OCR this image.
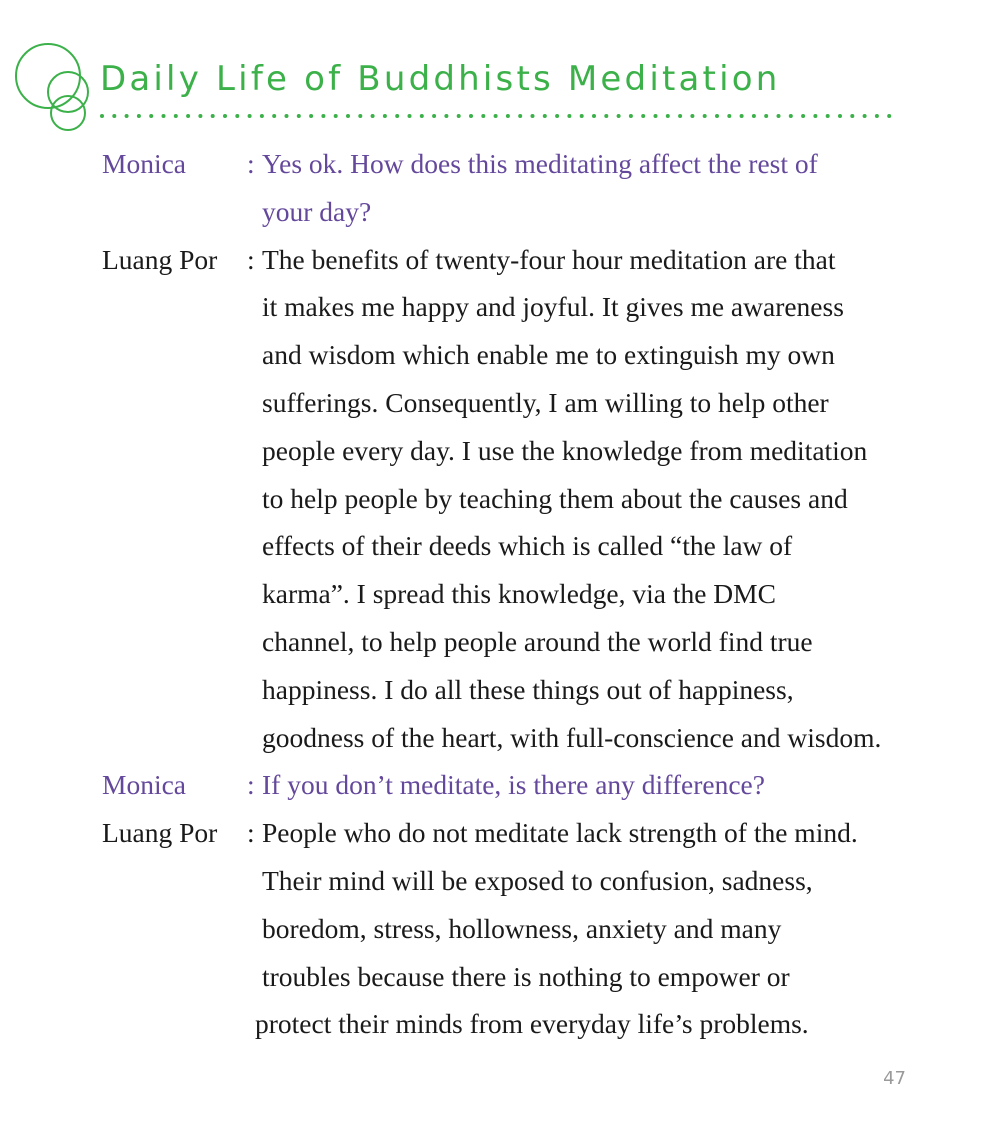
Daily Life of Buddhists Meditation
Monica : Yes ok. How does this meditating affect the rest of
your day?
Luang Por : The benefits of twenty-four hour meditation are that
it makes me happy and joyful. It gives me awareness
and wisdom which enable me to extinguish my own
sufferings. Consequently, I am willing to help other
people every day. I use the knowledge from meditation
to help people by teaching them about the causes and
effects of their deeds which is called “the law of
karma”. I spread this knowledge, via the DMC
channel, to help people around the world find true
happiness. I do all these things out of happiness,
goodness of the heart, with full-conscience and wisdom.
Monica : If you don’t meditate, is there any difference?
Luang Por : People who do not meditate lack strength of the mind.
Their mind will be exposed to confusion, sadness,
boredom, stress, hollowness, anxiety and many
troubles because there is nothing to empower or
protect their minds from everyday life’s problems.
47
